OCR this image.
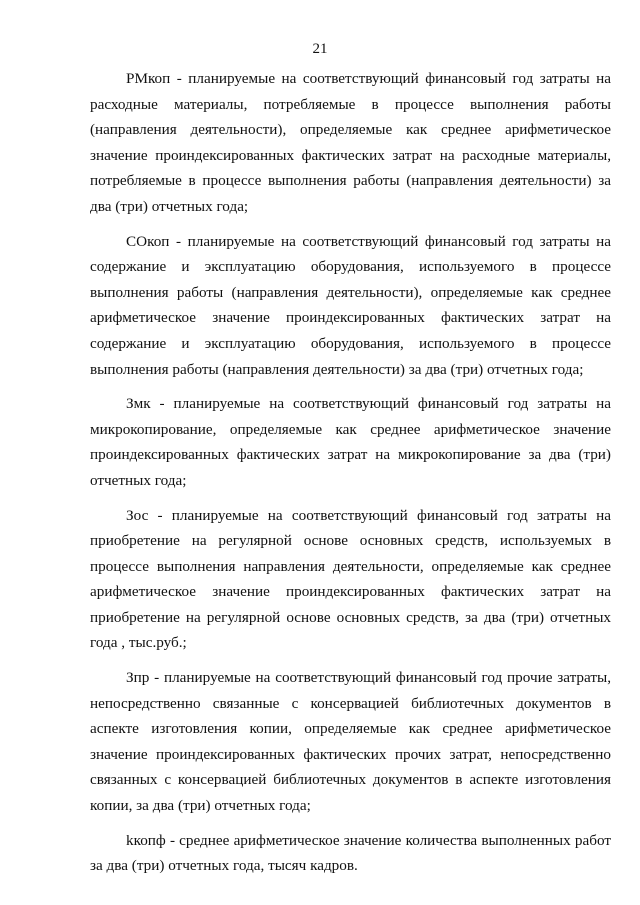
21

РМкоп - планируемые на соответствующий финансовый год затраты на расходные материалы, потребляемые в процессе выполнения работы (направления деятельности), определяемые как среднее арифметическое значение проиндексированных фактических затрат на расходные материалы, потребляемые в процессе выполнения работы (направления деятельности) за два (три) отчетных года;

СОкоп - планируемые на соответствующий финансовый год затраты на содержание и эксплуатацию оборудования, используемого в процессе выполнения работы (направления деятельности), определяемые как среднее арифметическое значение проиндексированных фактических затрат на содержание и эксплуатацию оборудования, используемого в процессе выполнения работы (направления деятельности) за два (три) отчетных года;

Змк - планируемые на соответствующий финансовый год затраты на микрокопирование, определяемые как среднее арифметическое значение проиндексированных фактических затрат на микрокопирование за два (три) отчетных года;

Зос - планируемые на соответствующий финансовый год затраты на приобретение на регулярной основе основных средств, используемых в процессе выполнения направления деятельности, определяемые как среднее арифметическое значение проиндексированных фактических затрат на приобретение на регулярной основе основных средств, за два (три) отчетных года , тыс.руб.;

Зпр - планируемые на соответствующий финансовый год прочие затраты, непосредственно связанные с консервацией библиотечных документов в аспекте изготовления копии, определяемые как среднее арифметическое значение проиндексированных фактических прочих затрат, непосредственно связанных с консервацией библиотечных документов в аспекте изготовления копии, за два (три) отчетных года;

kкопф - среднее арифметическое значение количества выполненных работ за два (три) отчетных года, тысяч кадров.
